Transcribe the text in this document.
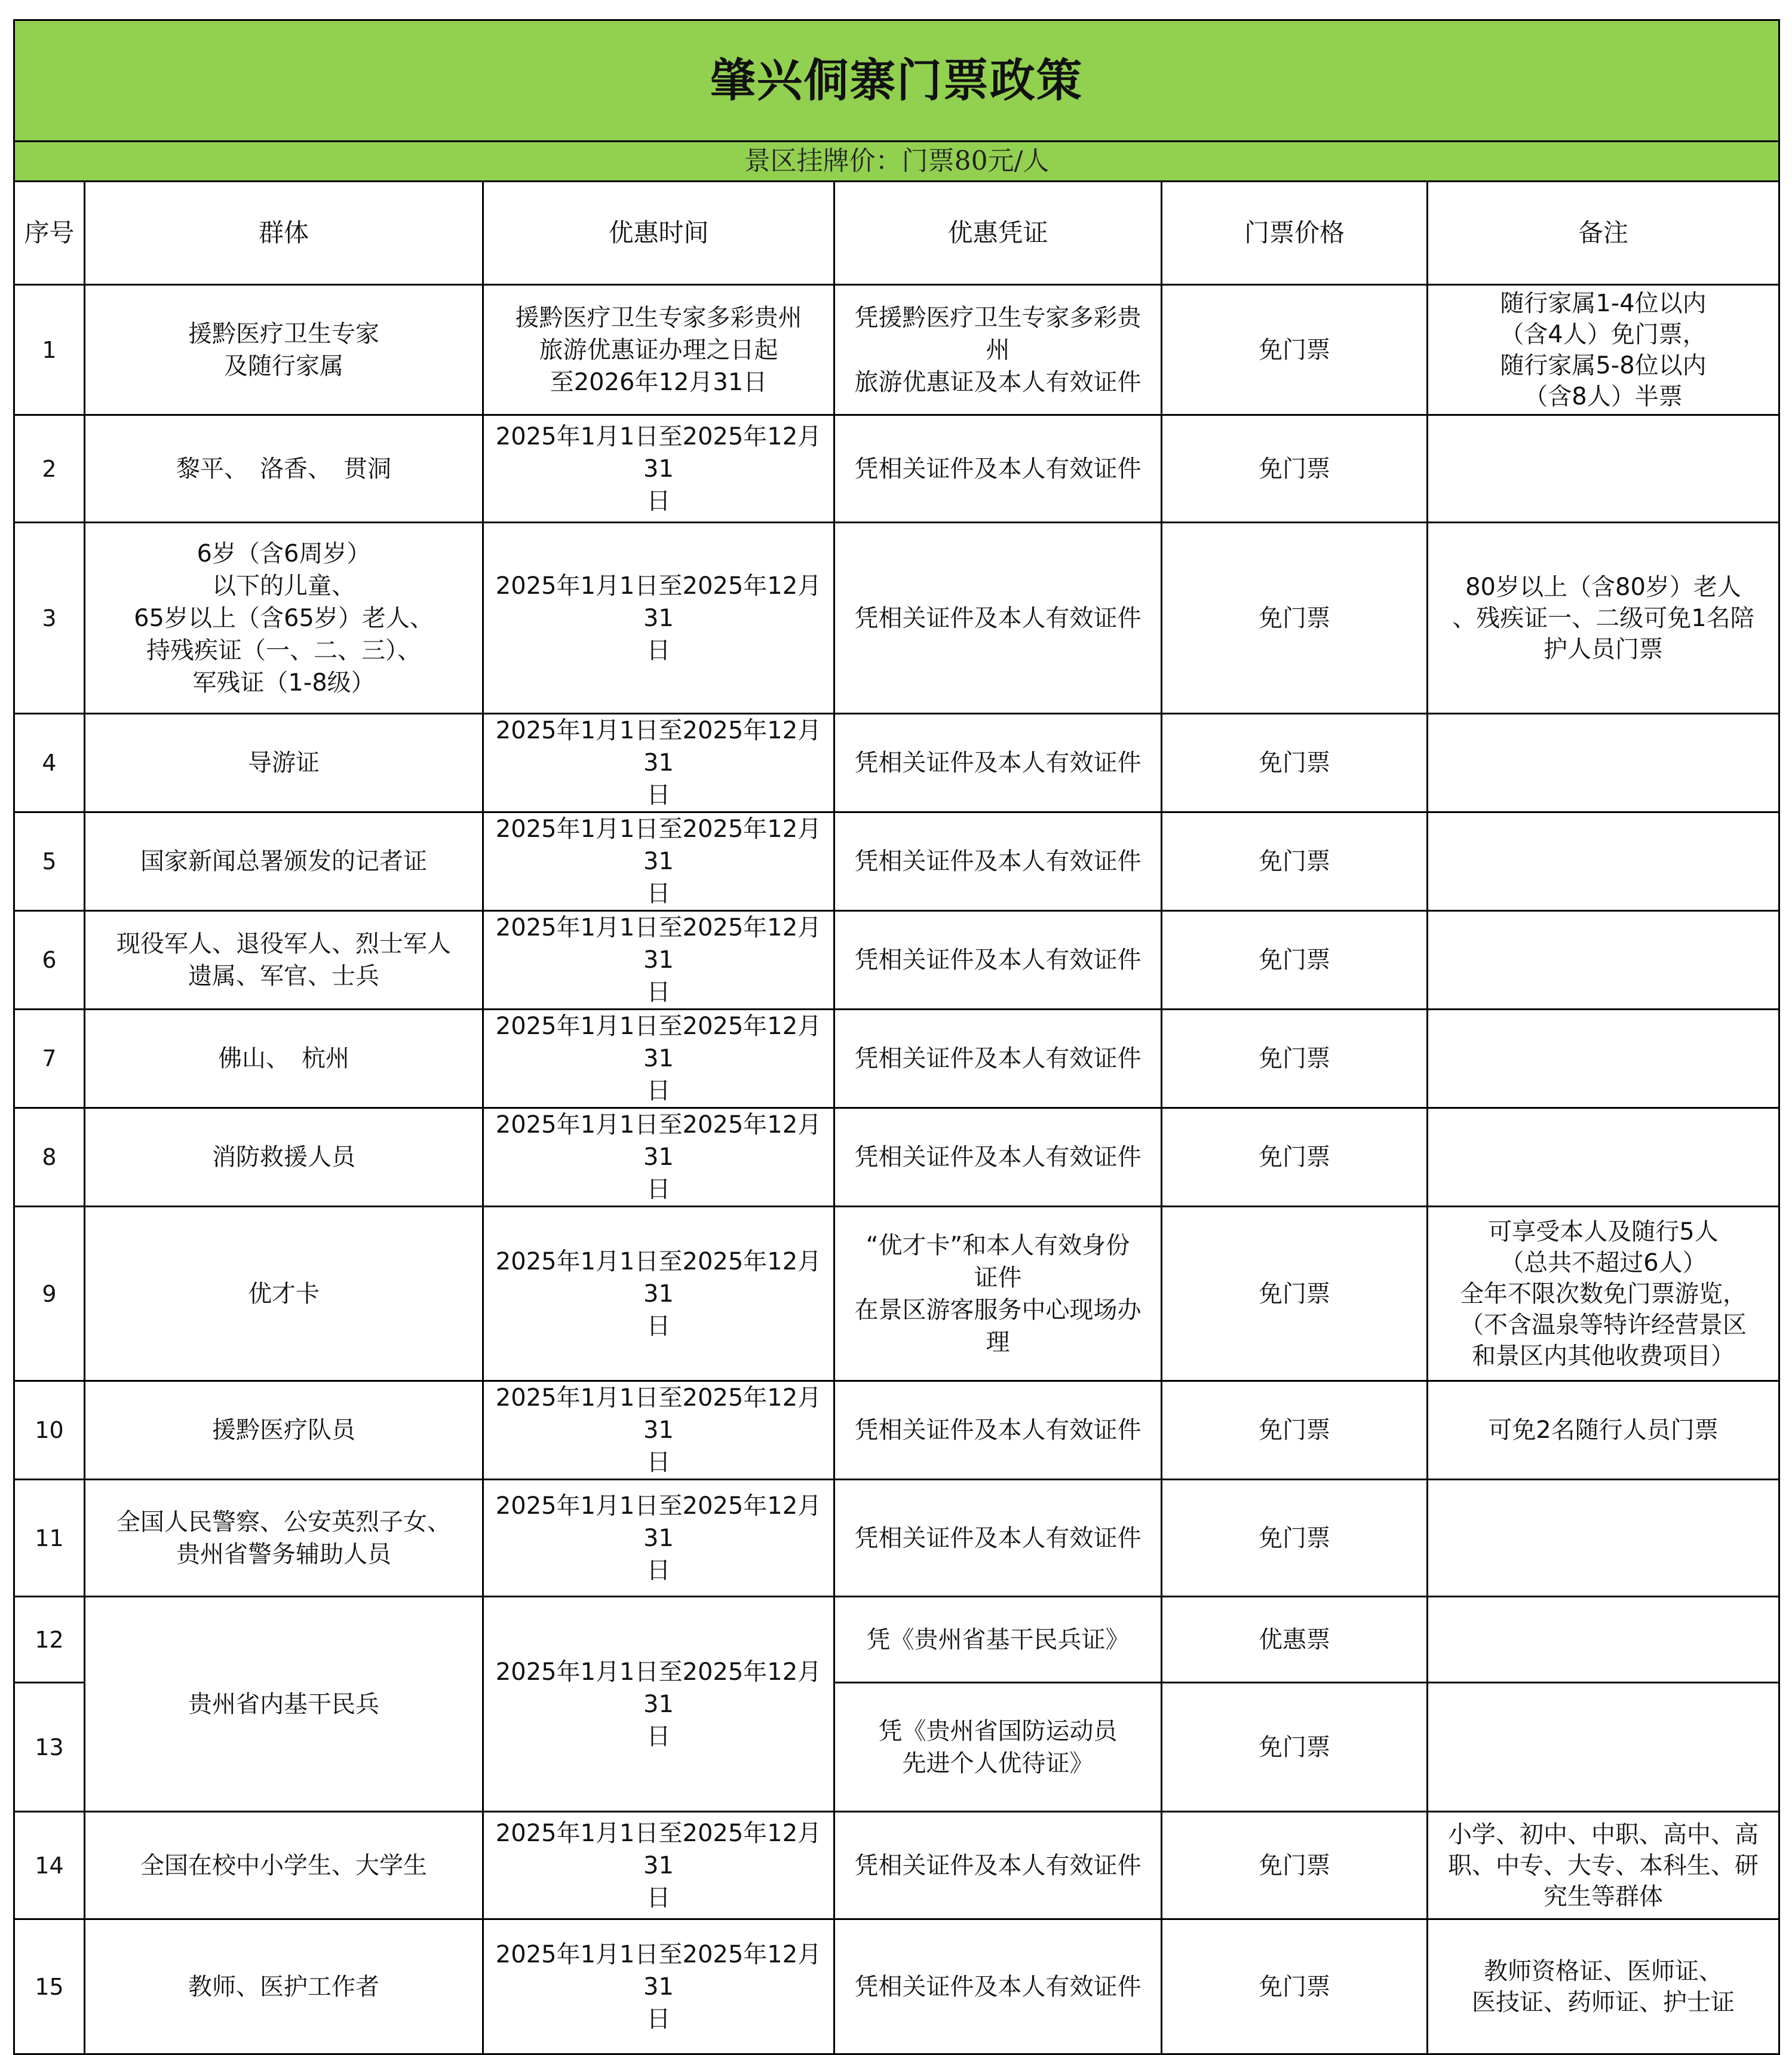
肇兴侗寨门票政策					
景区挂牌价：门票80元/人					
序号	群体	优惠时间	优惠凭证	门票价格	备注
1	援黔医疗卫生专家
及随行家属	援黔医疗卫生专家多彩贵州
旅游优惠证办理之日起
至2026年12月31日	凭援黔医疗卫生专家多彩贵
州
旅游优惠证及本人有效证件	免门票	随行家属1-4位以内
（含4人）免门票，
随行家属5-8位以内
（含8人）半票
2	黎平、　洛香、　贯洞	2025年1月1日至2025年12月31
日	凭相关证件及本人有效证件	免门票	
3	6岁（含6周岁）
以下的儿童、
65岁以上（含65岁）老人、
持残疾证（一、二、三）、
军残证（1-8级）	2025年1月1日至2025年12月31
日	凭相关证件及本人有效证件	免门票	80岁以上（含80岁）老人
、残疾证一、二级可免1名陪
护人员门票
4	导游证	2025年1月1日至2025年12月31
日	凭相关证件及本人有效证件	免门票	
5	国家新闻总署颁发的记者证	2025年1月1日至2025年12月31
日	凭相关证件及本人有效证件	免门票	
6	现役军人、退役军人、烈士军人
遗属、军官、士兵	2025年1月1日至2025年12月31
日	凭相关证件及本人有效证件	免门票	
7	佛山、　杭州	2025年1月1日至2025年12月31
日	凭相关证件及本人有效证件	免门票	
8	消防救援人员	2025年1月1日至2025年12月31
日	凭相关证件及本人有效证件	免门票	
9	优才卡	2025年1月1日至2025年12月31
日	“优才卡”和本人有效身份
证件
在景区游客服务中心现场办
理	免门票	可享受本人及随行5人
（总共不超过6人）
全年不限次数免门票游览，
（不含温泉等特许经营景区
和景区内其他收费项目）
10	援黔医疗队员	2025年1月1日至2025年12月31
日	凭相关证件及本人有效证件	免门票	可免2名随行人员门票
11	全国人民警察、公安英烈子女、
贵州省警务辅助人员	2025年1月1日至2025年12月31
日	凭相关证件及本人有效证件	免门票	
12	贵州省内基干民兵	2025年1月1日至2025年12月31
日	凭《贵州省基干民兵证》	优惠票	
13			凭《贵州省国防运动员
先进个人优待证》	免门票	
14	全国在校中小学生、大学生	2025年1月1日至2025年12月31
日	凭相关证件及本人有效证件	免门票	小学、初中、中职、高中、高
职、中专、大专、本科生、研
究生等群体
15	教师、医护工作者	2025年1月1日至2025年12月31
日	凭相关证件及本人有效证件	免门票	教师资格证、医师证、
医技证、药师证、护士证
